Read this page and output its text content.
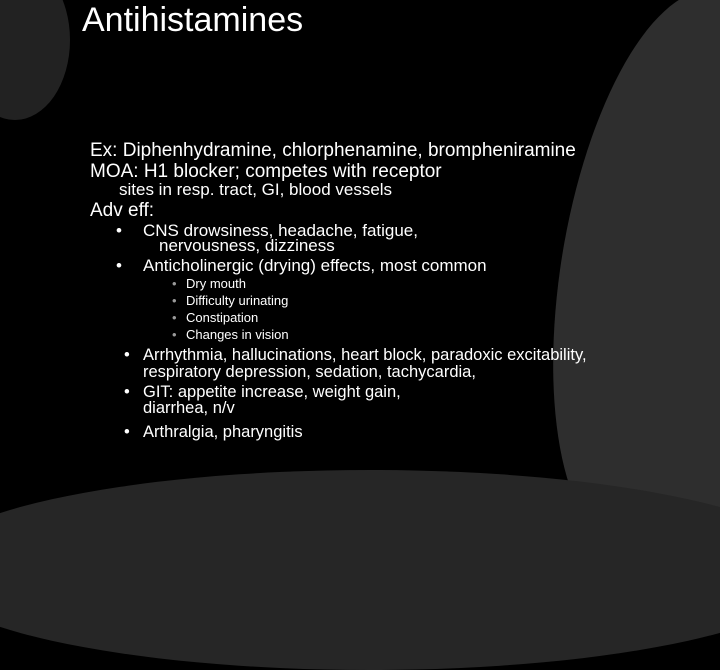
Antihistamines
Ex: Diphenhydramine, chlorphenamine, brompheniramine
MOA: H1 blocker; competes with receptor
sites in resp. tract, GI, blood vessels
Adv eff:
• CNS drowsiness, headache, fatigue,
nervousness, dizziness
• Anticholinergic (drying) effects, most common
• Dry mouth
• Difficulty urinating
• Constipation
• Changes in vision
• Arrhythmia, hallucinations, heart block, paradoxic excitability,
respiratory depression, sedation, tachycardia,
• GIT: appetite increase, weight gain,
diarrhea, n/v
• Arthralgia, pharyngitis
